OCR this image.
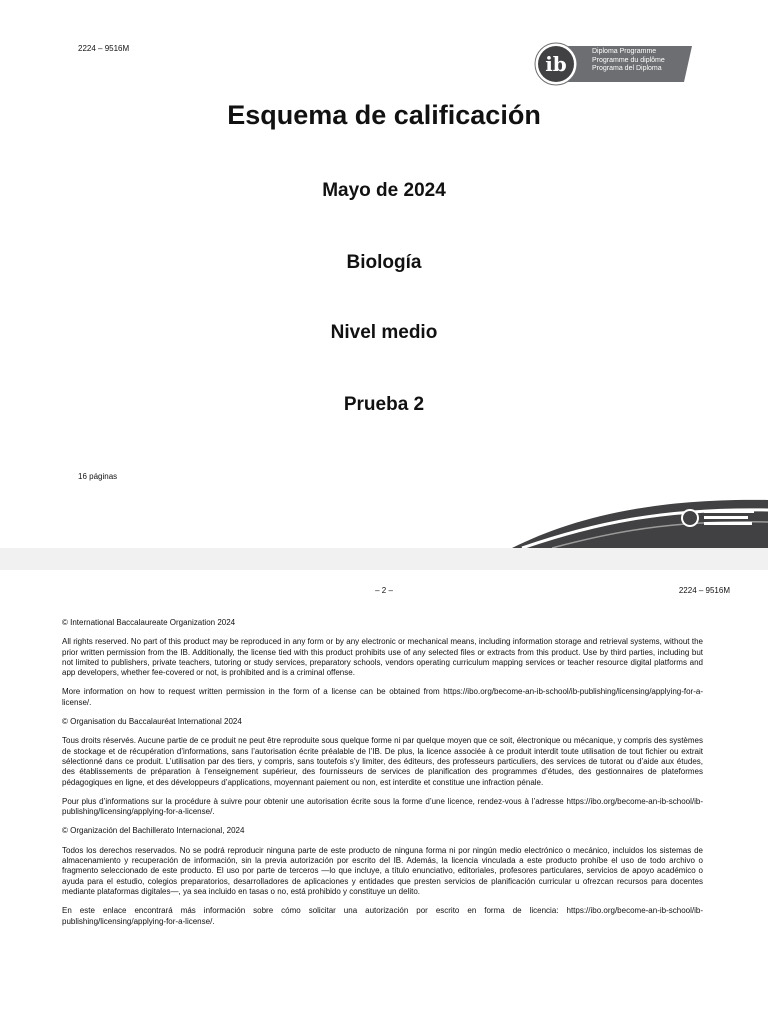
2224 – 9516M
ib
Diploma Programme
Programme du diplôme
Programa del Diploma
Esquema de calificación
Mayo de 2024
Biología
Nivel medio
Prueba 2
16 páginas
– 2 –	2224 – 9516M

© International Baccalaureate Organization 2024

All rights reserved. No part of this product may be reproduced in any form or by any electronic or mechanical means, including information storage and retrieval systems, without the prior written permission from the IB. Additionally, the license tied with this product prohibits use of any selected files or extracts from this product. Use by third parties, including but not limited to publishers, private teachers, tutoring or study services, preparatory schools, vendors operating curriculum mapping services or teacher resource digital platforms and app developers, whether fee-covered or not, is prohibited and is a criminal offense.

More information on how to request written permission in the form of a license can be obtained from https://ibo.org/become-an-ib-school/ib-publishing/licensing/applying-for-a-license/.

© Organisation du Baccalauréat International 2024

Tous droits réservés. Aucune partie de ce produit ne peut être reproduite sous quelque forme ni par quelque moyen que ce soit, électronique ou mécanique, y compris des systèmes de stockage et de récupération d’informations, sans l’autorisation écrite préalable de l’IB. De plus, la licence associée à ce produit interdit toute utilisation de tout fichier ou extrait sélectionné dans ce produit. L’utilisation par des tiers, y compris, sans toutefois s’y limiter, des éditeurs, des professeurs particuliers, des services de tutorat ou d’aide aux études, des établissements de préparation à l’enseignement supérieur, des fournisseurs de services de planification des programmes d’études, des gestionnaires de plateformes pédagogiques en ligne, et des développeurs d’applications, moyennant paiement ou non, est interdite et constitue une infraction pénale.

Pour plus d’informations sur la procédure à suivre pour obtenir une autorisation écrite sous la forme d’une licence, rendez-vous à l’adresse https://ibo.org/become-an-ib-school/ib-publishing/licensing/applying-for-a-license/.

© Organización del Bachillerato Internacional, 2024

Todos los derechos reservados. No se podrá reproducir ninguna parte de este producto de ninguna forma ni por ningún medio electrónico o mecánico, incluidos los sistemas de almacenamiento y recuperación de información, sin la previa autorización por escrito del IB. Además, la licencia vinculada a este producto prohíbe el uso de todo archivo o fragmento seleccionado de este producto. El uso por parte de terceros —lo que incluye, a título enunciativo, editoriales, profesores particulares, servicios de apoyo académico o ayuda para el estudio, colegios preparatorios, desarrolladores de aplicaciones y entidades que presten servicios de planificación curricular u ofrezcan recursos para docentes mediante plataformas digitales—, ya sea incluido en tasas o no, está prohibido y constituye un delito.

En este enlace encontrará más información sobre cómo solicitar una autorización por escrito en forma de licencia: https://ibo.org/become-an-ib-school/ib-publishing/licensing/applying-for-a-license/.
